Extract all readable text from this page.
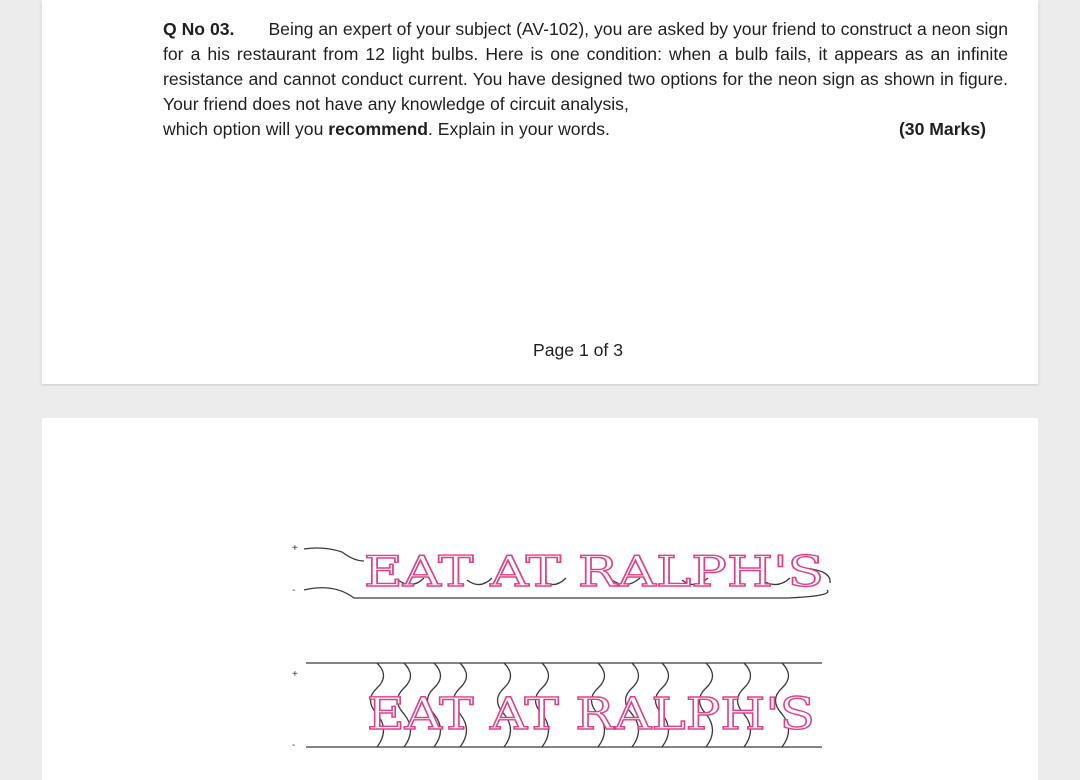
Q No 03. Being an expert of your subject (AV-102), you are asked by your friend to construct a neon sign for a his restaurant from 12 light bulbs. Here is one condition: when a bulb fails, it appears as an infinite resistance and cannot conduct current. You have designed two options for the neon sign as shown in figure. Your friend does not have any knowledge of circuit analysis,
which option will you recommend. Explain in your words.	(30 Marks)
Page 1 of 3
+
- EAT AT RALPH'S
+
-
EAT AT RALPH'S
